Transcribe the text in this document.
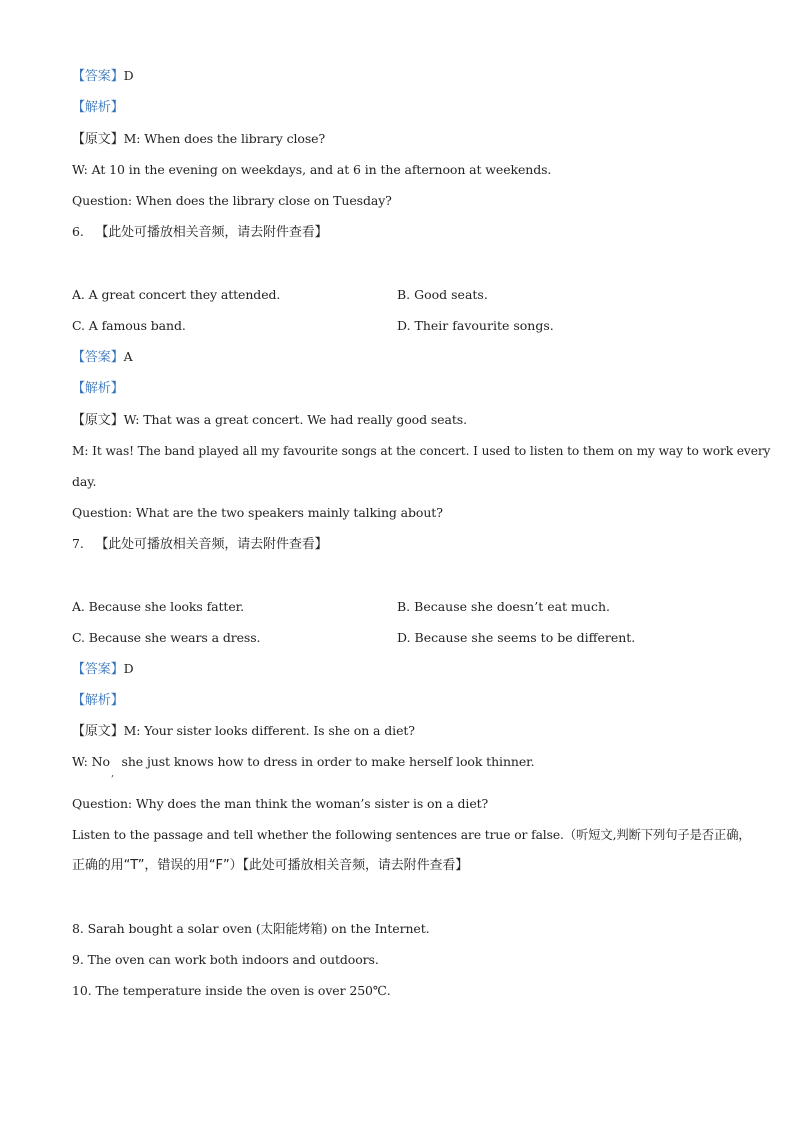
【答案】D
【解析】
【原文】M: When does the library close?
W: At 10 in the evening on weekdays, and at 6 in the afternoon at weekends.
Question: When does the library close on Tuesday?
6. 【此处可播放相关音频，请去附件查看】
A. A great concert they attended.	B. Good seats.
C. A famous band.	D. Their favourite songs.
【答案】A
【解析】
【原文】W: That was a great concert. We had really good seats.
M: It was! The band played all my favourite songs at the concert. I used to listen to them on my way to work every
day.
Question: What are the two speakers mainly talking about?
7. 【此处可播放相关音频，请去附件查看】
A. Because she looks fatter.	B. Because she doesn’t eat much.
C. Because she wears a dress.	D. Because she seems to be different.
【答案】D
【解析】
【原文】M: Your sister looks different. Is she on a diet?
W: No she just knows how to dress in order to make herself look thinner.
,
Question: Why does the man think the woman’s sister is on a diet?
Listen to the passage and tell whether the following sentences are true or false.（听短文,判断下列句子是否正确，
正确的用“T”，错误的用“F”）【此处可播放相关音频，请去附件查看】
8. Sarah bought a solar oven (太阳能烤箱) on the Internet.
9. The oven can work both indoors and outdoors.
10. The temperature inside the oven is over 250℃.
